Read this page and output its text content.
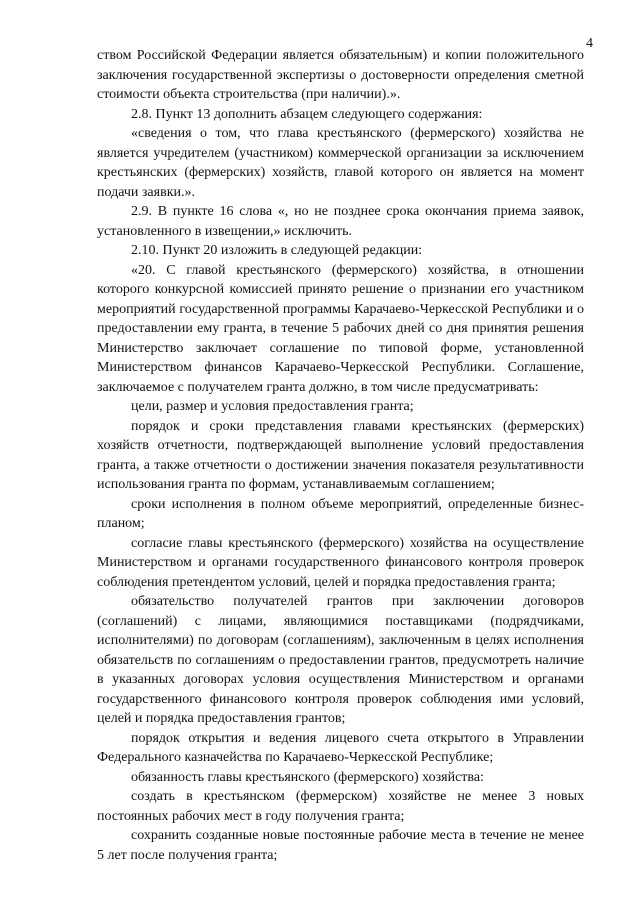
4

ством Российской Федерации является обязательным) и копии положительного заключения государственной экспертизы о достоверности определения сметной стоимости объекта строительства (при наличии).».

2.8. Пункт 13 дополнить абзацем следующего содержания:

«сведения о том, что глава крестьянского (фермерского) хозяйства не является учредителем (участником) коммерческой организации за исключением крестьянских (фермерских) хозяйств, главой которого он является на момент подачи заявки.».

2.9. В пункте 16 слова «, но не позднее срока окончания приема заявок, установленного в извещении,» исключить.

2.10. Пункт 20 изложить в следующей редакции:

«20. С главой крестьянского (фермерского) хозяйства, в отношении которого конкурсной комиссией принято решение о признании его участником мероприятий государственной программы Карачаево-Черкесской Республики и о предоставлении ему гранта, в течение 5 рабочих дней со дня принятия решения Министерство заключает соглашение по типовой форме, установленной Министерством финансов Карачаево-Черкесской Республики. Соглашение, заключаемое с получателем гранта должно, в том числе предусматривать:

цели, размер и условия предоставления гранта;

порядок и сроки представления главами крестьянских (фермерских) хозяйств отчетности, подтверждающей выполнение условий предоставления гранта, а также отчетности о достижении значения показателя результативности использования гранта по формам, устанавливаемым соглашением;

сроки исполнения в полном объеме мероприятий, определенные бизнес-планом;

согласие главы крестьянского (фермерского) хозяйства на осуществление Министерством и органами государственного финансового контроля проверок соблюдения претендентом условий, целей и порядка предоставления гранта;

обязательство получателей грантов при заключении договоров (соглашений) с лицами, являющимися поставщиками (подрядчиками, исполнителями) по договорам (соглашениям), заключенным в целях исполнения обязательств по соглашениям о предоставлении грантов, предусмотреть наличие в указанных договорах условия осуществления Министерством и органами государственного финансового контроля проверок соблюдения ими условий, целей и порядка предоставления грантов;

порядок открытия и ведения лицевого счета открытого в Управлении Федерального казначейства по Карачаево-Черкесской Республике;

обязанность главы крестьянского (фермерского) хозяйства:

создать в крестьянском (фермерском) хозяйстве не менее 3 новых постоянных рабочих мест в году получения гранта;

сохранить созданные новые постоянные рабочие места в течение не менее 5 лет после получения гранта;
